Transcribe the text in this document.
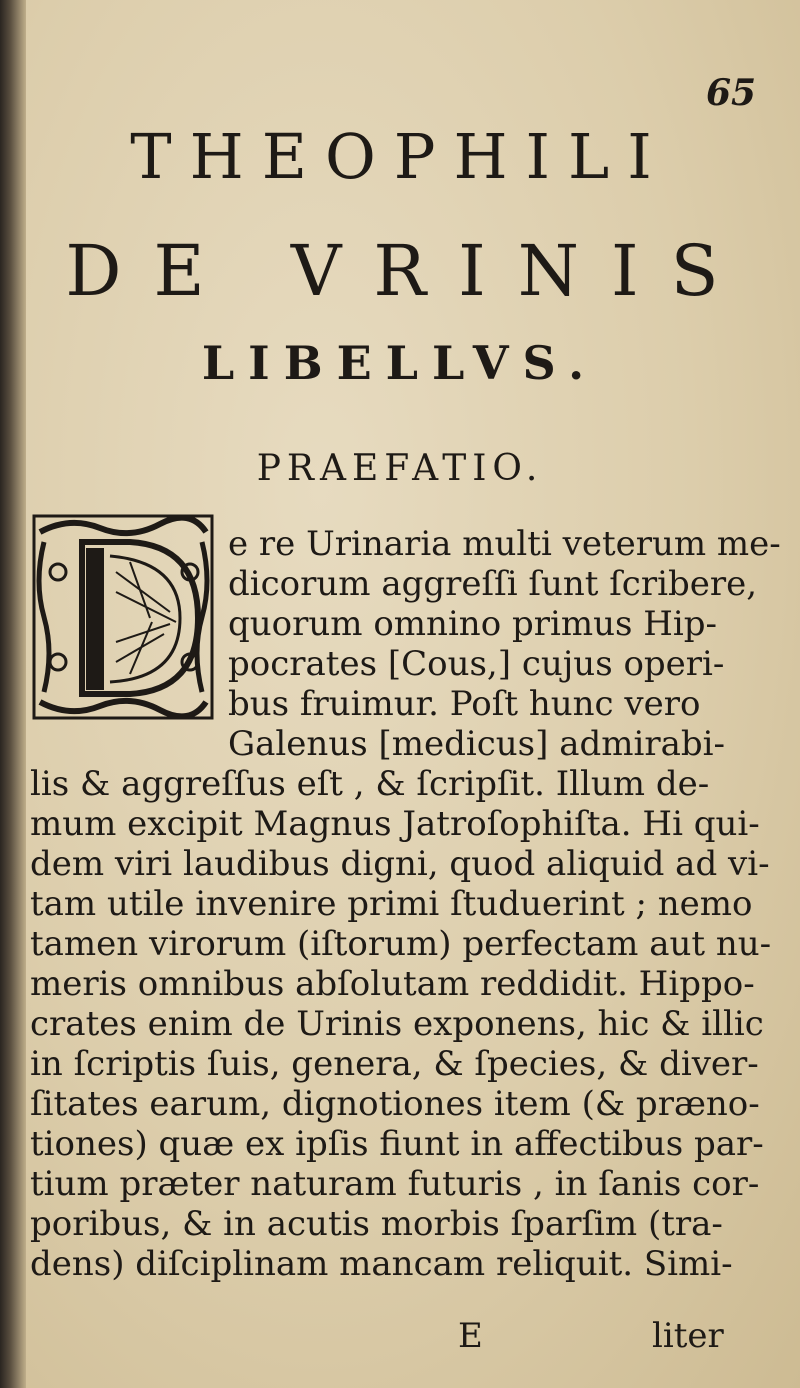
65
THEOPHILI
DE VRINIS
LIBELLVS.
PRAEFATIO.
e re Urinaria multi veterum me-
dicorum aggreſſi ſunt ſcribere,
quorum omnino primus Hip-
pocrates [Cous,] cujus operi-
bus fruimur. Poſt hunc vero
Galenus [medicus] admirabi-
lis & aggreſſus eſt , & ſcripſit. Illum de-
mum excipit Magnus Jatroſophiſta. Hi qui-
dem viri laudibus digni, quod aliquid ad vi-
tam utile invenire primi ſtuduerint ; nemo
tamen virorum (iſtorum) perfectam aut nu-
meris omnibus abſolutam reddidit. Hippo-
crates enim de Urinis exponens, hic & illic
in ſcriptis ſuis, genera, & ſpecies, & diver-
ſitates earum, dignotiones item (& præno-
tiones) quæ ex ipſis fiunt in affectibus par-
tium præter naturam futuris , in ſanis cor-
poribus, & in acutis morbis ſparſim (tra-
dens) diſciplinam mancam reliquit. Simi-
E	liter
